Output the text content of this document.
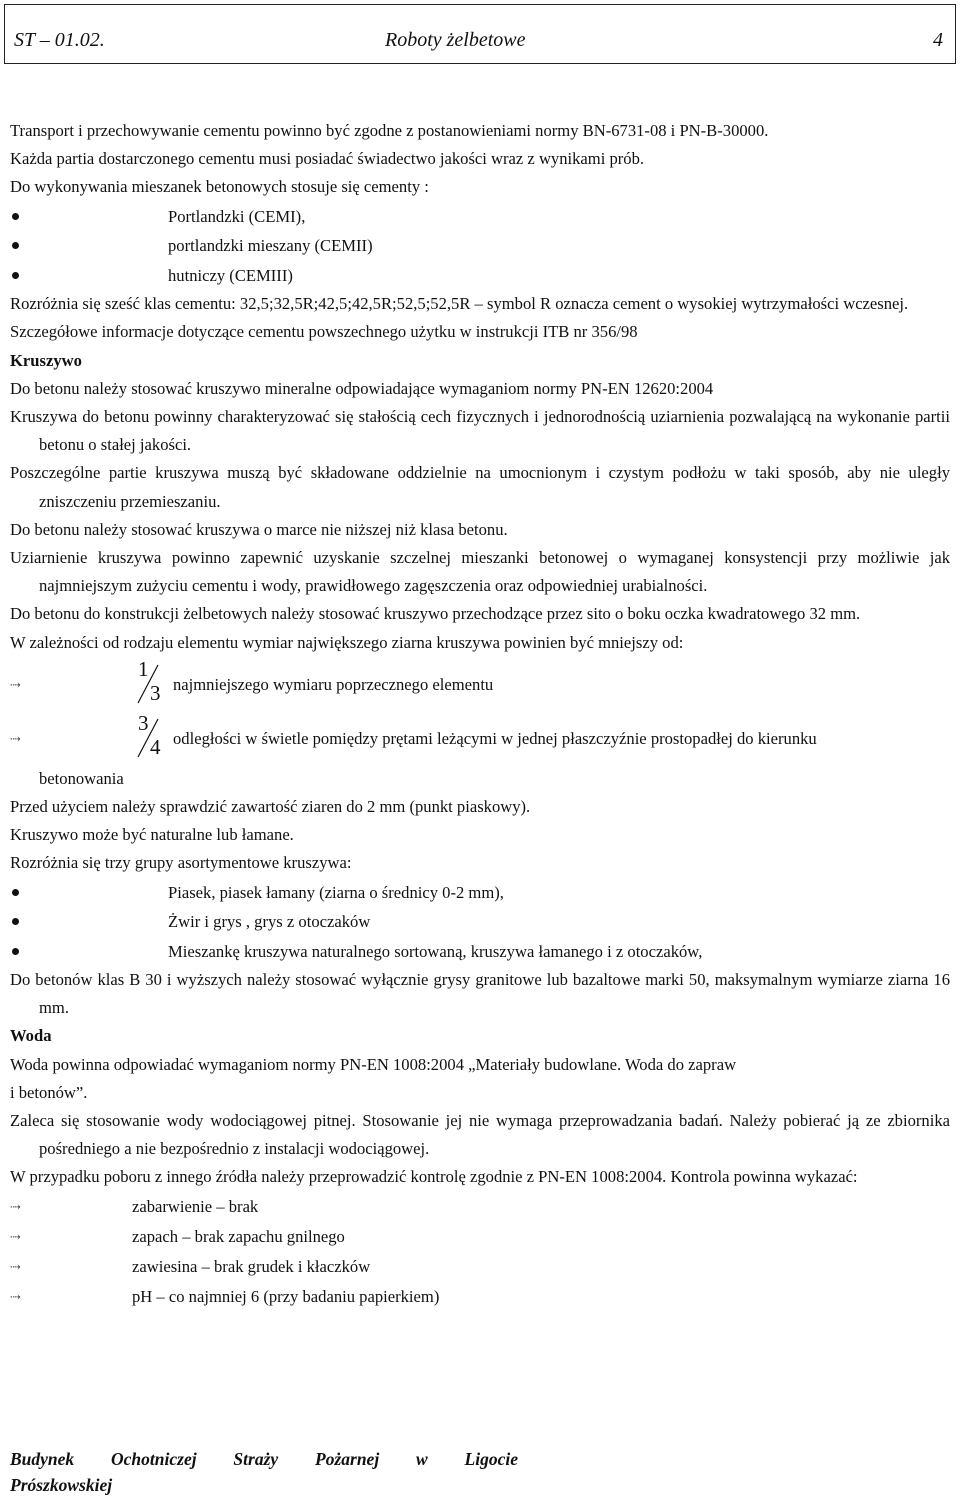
ST – 01.02.	Roboty żelbetowe	4

Transport i przechowywanie cementu powinno być zgodne z postanowieniami normy BN-6731-08 i PN-B-30000.

Każda partia dostarczonego cementu musi posiadać świadectwo jakości wraz z wynikami prób.

Do wykonywania mieszanek betonowych stosuje się cementy :

Portlandzki (CEMI),

portlandzki mieszany (CEMII)

hutniczy (CEMIII)

Rozróżnia się sześć klas cementu: 32,5;32,5R;42,5;42,5R;52,5;52,5R – symbol R oznacza cement o wysokiej wytrzymałości wczesnej.

Szczegółowe informacje dotyczące cementu powszechnego użytku w instrukcji ITB nr 356/98

Kruszywo

Do betonu należy stosować kruszywo mineralne odpowiadające wymaganiom normy PN-EN 12620:2004

Kruszywa do betonu powinny charakteryzować się stałością cech fizycznych i jednorodnością uziarnienia pozwalającą na wykonanie partii betonu o stałej jakości.

Poszczególne partie kruszywa muszą być składowane oddzielnie na umocnionym i czystym podłożu w taki sposób, aby nie uległy zniszczeniu przemieszaniu.

Do betonu należy stosować kruszywa o marce nie niższej niż klasa betonu.

Uziarnienie kruszywa powinno zapewnić uzyskanie szczelnej mieszanki betonowej o wymaganej konsystencji przy możliwie jak najmniejszym zużyciu cementu i wody, prawidłowego zagęszczenia oraz odpowiedniej urabialności.

Do betonu do konstrukcji żelbetowych należy stosować kruszywo przechodzące przez sito o boku oczka kwadratowego 32 mm.

W zależności od rodzaju elementu wymiar największego ziarna kruszywa powinien być mniejszy od:

⇢
1
3 najmniejszego wymiaru poprzecznego elementu
⇢
3
4 odległości w świetle pomiędzy prętami leżącymi w jednej płaszczyźnie prostopadłej do kierunku

betonowania

Przed użyciem należy sprawdzić zawartość ziaren do 2 mm (punkt piaskowy).

Kruszywo może być naturalne lub łamane.

Rozróżnia się trzy grupy asortymentowe kruszywa:

Piasek, piasek łamany (ziarna o średnicy 0-2 mm),

Żwir i grys , grys z otoczaków

Mieszankę kruszywa naturalnego sortowaną, kruszywa łamanego i z otoczaków,

Do betonów klas B 30 i wyższych należy stosować wyłącznie grysy granitowe lub bazaltowe marki 50, maksymalnym wymiarze ziarna 16 mm.

Woda

Woda powinna odpowiadać wymaganiom normy PN-EN 1008:2004 „Materiały budowlane. Woda do zapraw

i betonów”.

Zaleca się stosowanie wody wodociągowej pitnej. Stosowanie jej nie wymaga przeprowadzania badań. Należy pobierać ją ze zbiornika pośredniego a nie bezpośrednio z instalacji wodociągowej.

W przypadku poboru z innego źródła należy przeprowadzić kontrolę zgodnie z PN-EN 1008:2004. Kontrola powinna wykazać:

⇢	zabarwienie – brak

⇢	zapach – brak zapachu gnilnego

⇢	zawiesina – brak grudek i kłaczków

⇢	pH – co najmniej 6 (przy badaniu papierkiem)

Budynek Ochotniczej Straży Pożarnej w Ligocie
Prószkowskiej
